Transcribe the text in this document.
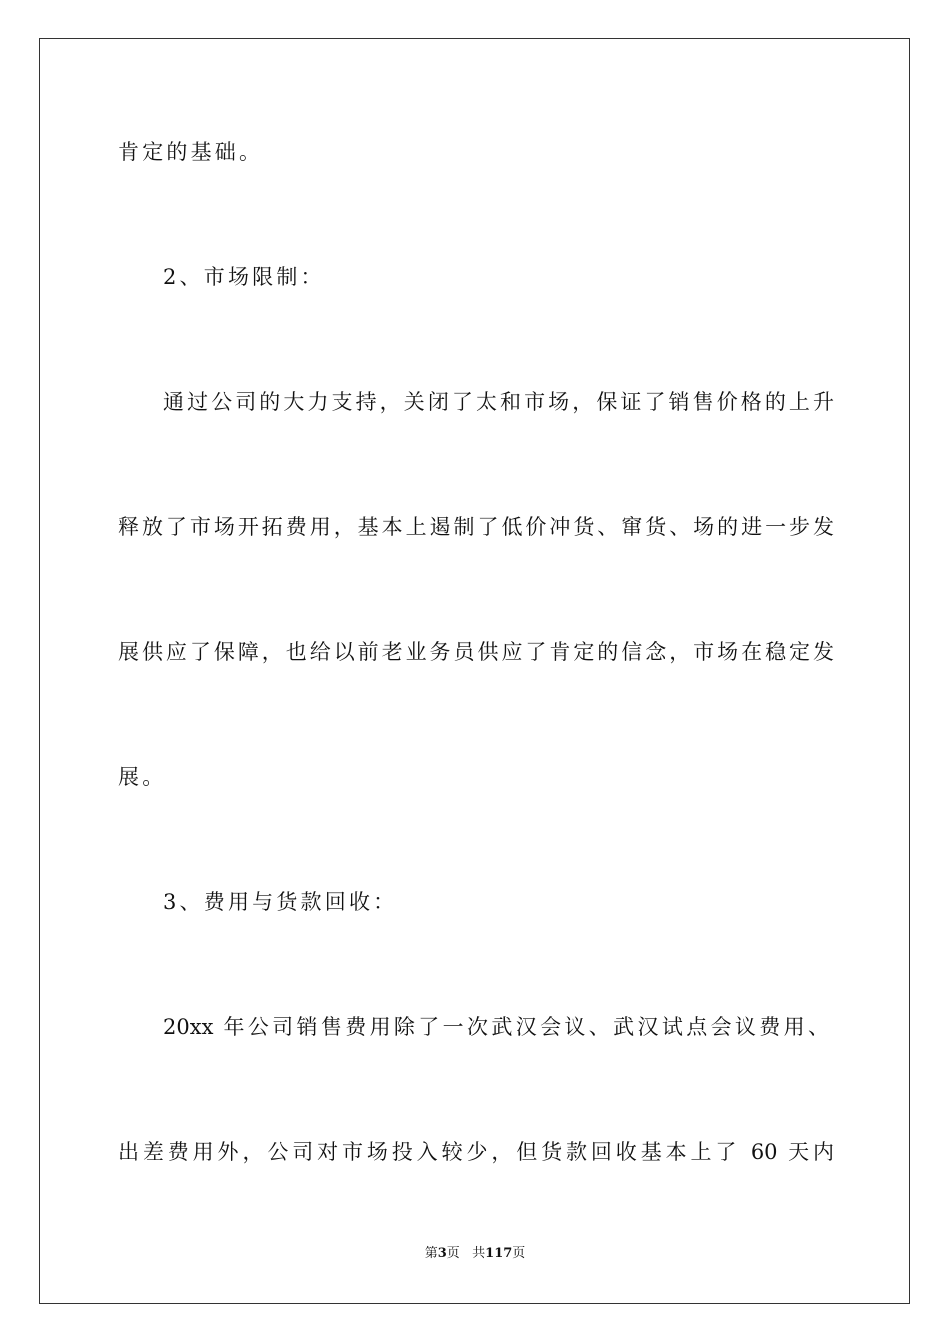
肯定的基础。
2、市场限制：
通过公司的大力支持，关闭了太和市场，保证了销售价格的上升
释放了市场开拓费用，基本上遏制了低价冲货、窜货、场的进一步发
展供应了保障，也给以前老业务员供应了肯定的信念，市场在稳定发
展。
3、费用与货款回收：
20xx 年公司销售费用除了一次武汉会议、武汉试点会议费用、
出差费用外，公司对市场投入较少，但货款回收基本上了 60 天内
第3页   共117页
